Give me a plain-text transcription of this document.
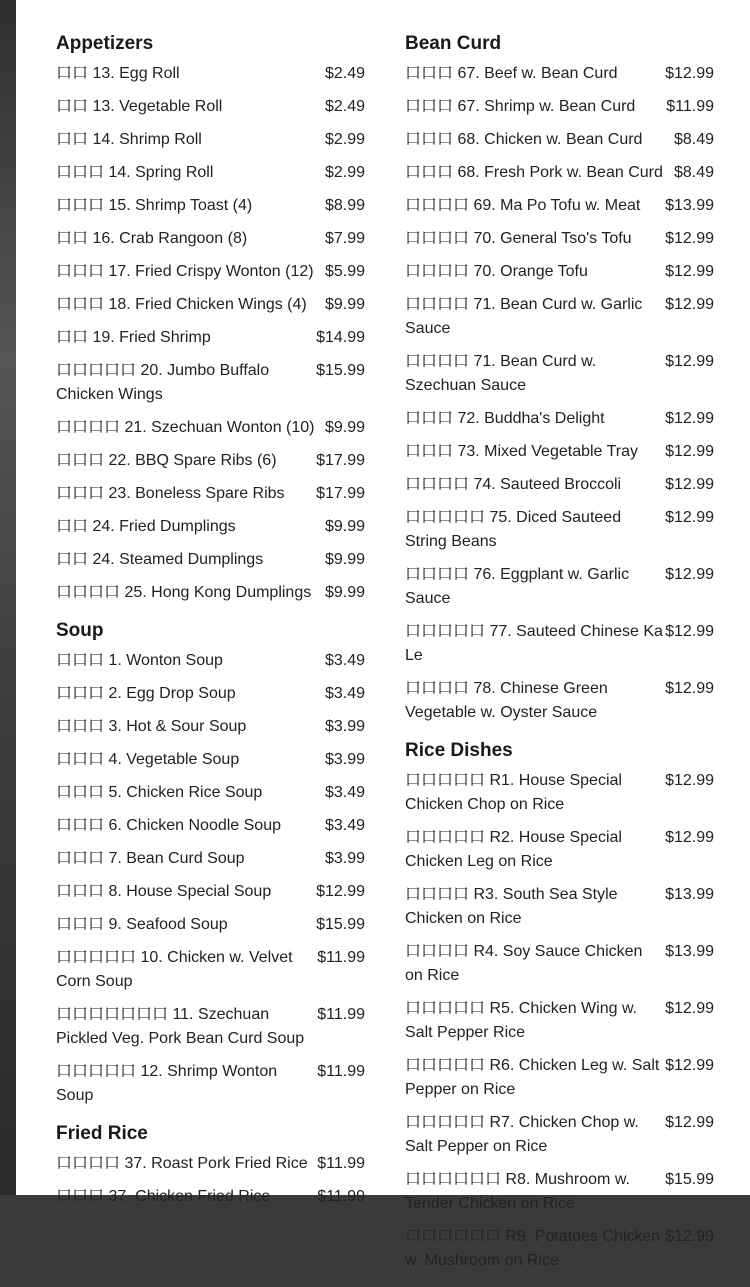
Appetizers
口口 13. Egg Roll	$2.49
口口 13. Vegetable Roll	$2.49
口口 14. Shrimp Roll	$2.99
口口口 14. Spring Roll	$2.99
口口口 15. Shrimp Toast (4)	$8.99
口口 16. Crab Rangoon (8)	$7.99
口口口 17. Fried Crispy Wonton (12) $5.99
口口口 18. Fried Chicken Wings (4)	$9.99
口口 19. Fried Shrimp	$14.99
口口口口口 20. Jumbo Buffalo Chicken Wings
$15.99
口口口口 21. Szechuan Wonton (10) $9.99
口口口 22. BBQ Spare Ribs (6)	$17.99
口口口 23. Boneless Spare Ribs	$17.99
口口 24. Fried Dumplings	$9.99
口口 24. Steamed Dumplings	$9.99
口口口口 25. Hong Kong Dumplings $9.99
Soup
口口口 1. Wonton Soup	$3.49
口口口 2. Egg Drop Soup	$3.49
口口口 3. Hot & Sour Soup	$3.99
口口口 4. Vegetable Soup	$3.99
口口口 5. Chicken Rice Soup	$3.49
口口口 6. Chicken Noodle Soup	$3.49
口口口 7. Bean Curd Soup	$3.99
口口口 8. House Special Soup	$12.99
口口口 9. Seafood Soup	$15.99
口口口口口 10. Chicken w. Velvet Corn Soup
$11.99
口口口口口口口 11. Szechuan Pickled Veg. Pork Bean Curd Soup
$11.99
口口口口口 12. Shrimp Wonton Soup
$11.99
Fried Rice
口口口口 37. Roast Pork Fried Rice $11.99
口口口 37. Chicken Fried Rice	$11.99
Bean Curd
口口口 67. Beef w. Bean Curd	$12.99
口口口 67. Shrimp w. Bean Curd	$11.99
口口口 68. Chicken w. Bean Curd	$8.49
口口口 68. Fresh Pork w. Bean Curd $8.49
口口口口 69. Ma Po Tofu w. Meat	$13.99
口口口口 70. General Tso's Tofu	$12.99
口口口口 70. Orange Tofu	$12.99
口口口口 71. Bean Curd w. Garlic Sauce
$12.99
口口口口 71. Bean Curd w. Szechuan Sauce
$12.99
口口口 72. Buddha's Delight	$12.99
口口口 73. Mixed Vegetable Tray	$12.99
口口口口 74. Sauteed Broccoli	$12.99
口口口口口 75. Diced Sauteed String Beans
$12.99
口口口口 76. Eggplant w. Garlic Sauce
$12.99
口口口口口 77. Sauteed Chinese Ka Le
$12.99
口口口口 78. Chinese Green Vegetable w. Oyster Sauce
$12.99
Rice Dishes
口口口口口 R1. House Special Chicken Chop on Rice
$12.99
口口口口口 R2. House Special Chicken Leg on Rice
$12.99
口口口口 R3. South Sea Style Chicken on Rice
$13.99
口口口口 R4. Soy Sauce Chicken on Rice
$13.99
口口口口口 R5. Chicken Wing w. Salt Pepper Rice
$12.99
口口口口口 R6. Chicken Leg w. Salt Pepper on Rice
$12.99
口口口口口 R7. Chicken Chop w. Salt Pepper on Rice
$12.99
口口口口口口 R8. Mushroom w. Tender Chicken on Rice
$15.99
口口口口口口 R9. Potatoes Chicken w. Mushroom on Rice
$12.99
